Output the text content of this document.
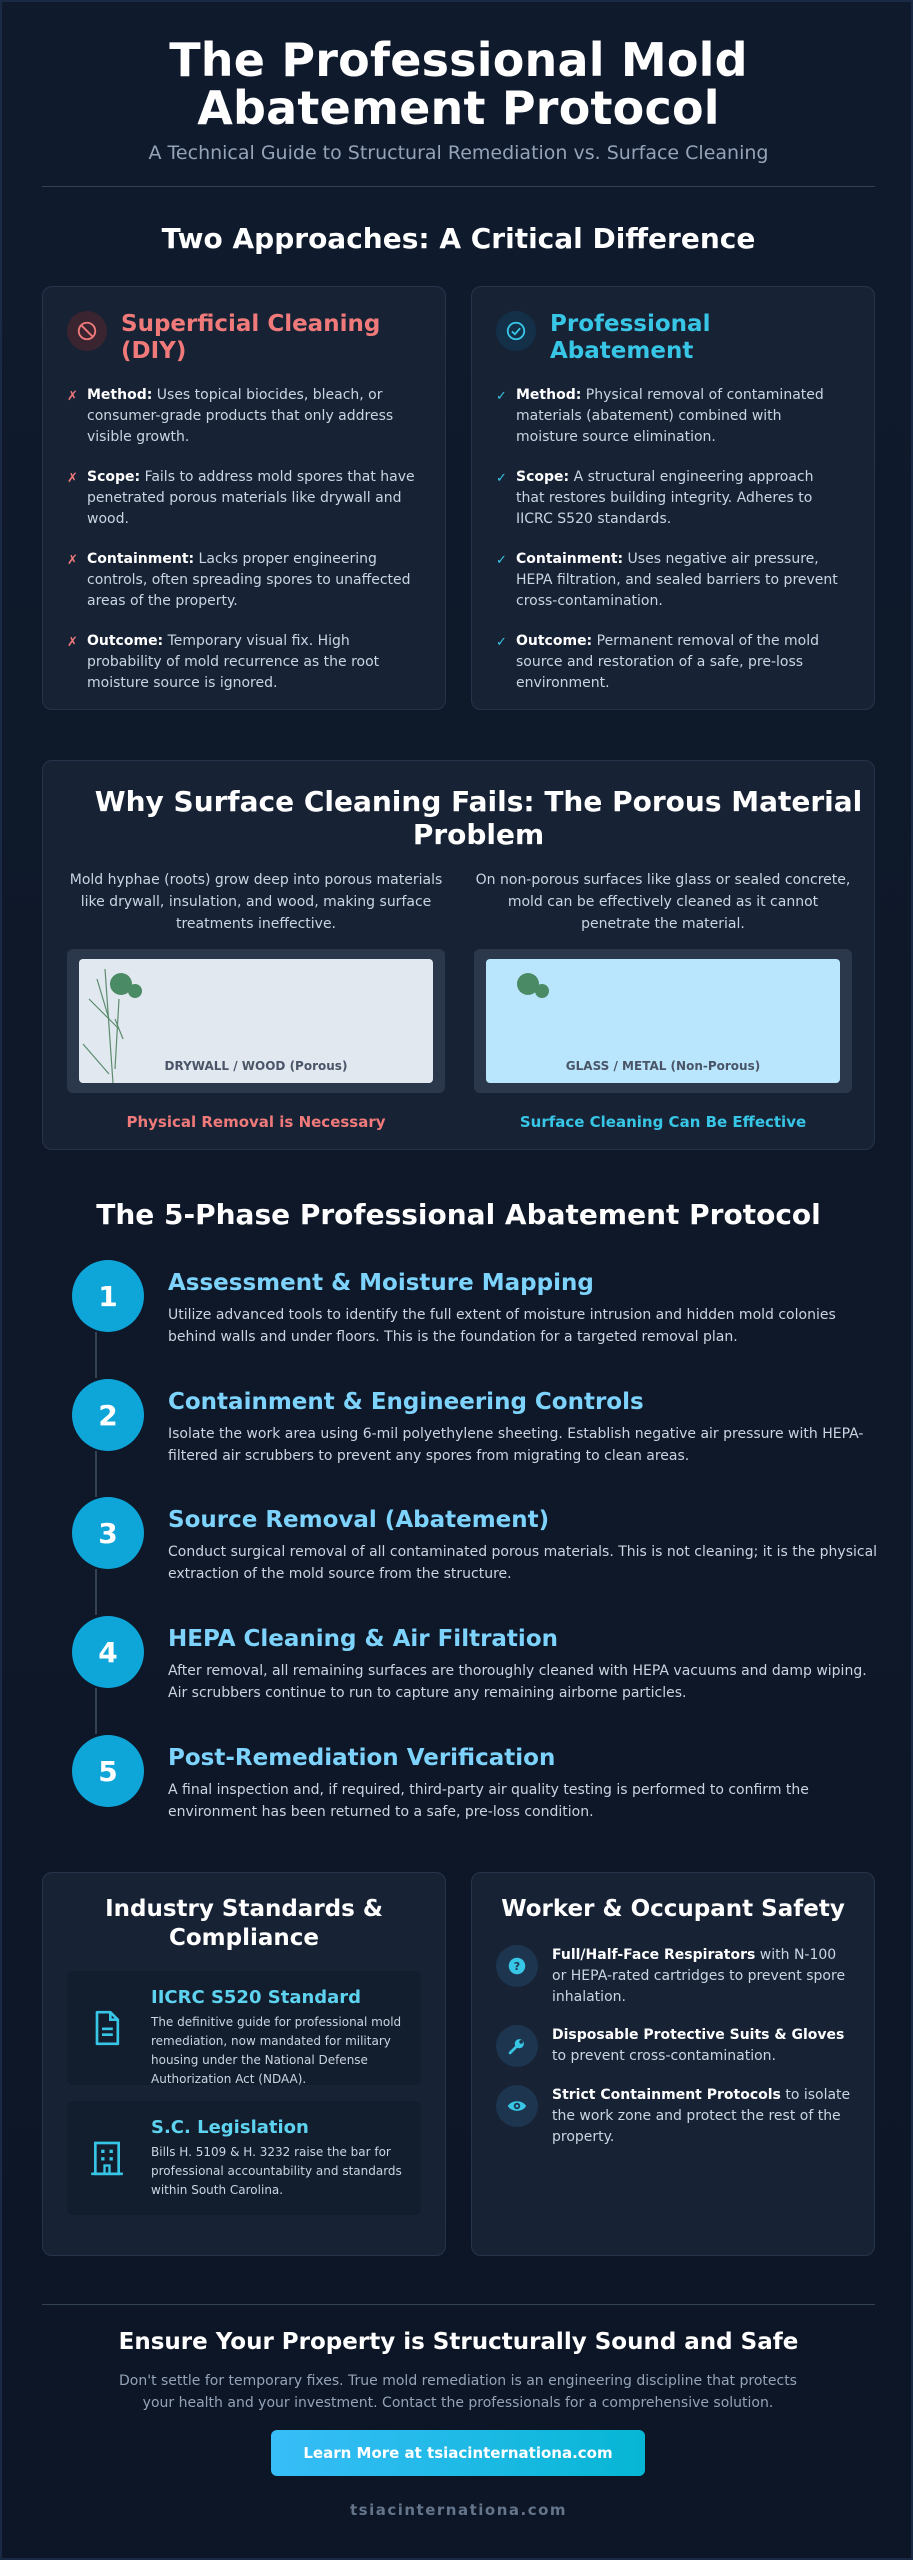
The Professional Mold
Abatement Protocol
A Technical Guide to Structural Remediation vs. Surface Cleaning
Two Approaches: A Critical Difference
Superficial Cleaning (DIY)
✗ Method: Uses topical biocides, bleach, or consumer-grade products that only address visible growth.
✗ Scope: Fails to address mold spores that have penetrated porous materials like drywall and wood.
✗ Containment: Lacks proper engineering controls, often spreading spores to unaffected areas of the property.
✗ Outcome: Temporary visual fix. High probability of mold recurrence as the root moisture source is ignored.
Professional Abatement
✓ Method: Physical removal of contaminated materials (abatement) combined with moisture source elimination.
✓ Scope: A structural engineering approach that restores building integrity. Adheres to IICRC S520 standards.
✓ Containment: Uses negative air pressure, HEPA filtration, and sealed barriers to prevent cross-contamination.
✓ Outcome: Permanent removal of the mold source and restoration of a safe, pre-loss environment.
Why Surface Cleaning Fails: The Porous Material Problem
Mold hyphae (roots) grow deep into porous materials like drywall, insulation, and wood, making surface treatments ineffective.
DRYWALL / WOOD (Porous)
Physical Removal is Necessary
On non-porous surfaces like glass or sealed concrete, mold can be effectively cleaned as it cannot penetrate the material.
GLASS / METAL (Non-Porous)
Surface Cleaning Can Be Effective
The 5-Phase Professional Abatement Protocol
1	Assessment & Moisture Mapping
Utilize advanced tools to identify the full extent of moisture intrusion and hidden mold colonies behind walls and under floors. This is the foundation for a targeted removal plan.
2	Containment & Engineering Controls
Isolate the work area using 6-mil polyethylene sheeting. Establish negative air pressure with HEPA-filtered air scrubbers to prevent any spores from migrating to clean areas.
3	Source Removal (Abatement)
Conduct surgical removal of all contaminated porous materials. This is not cleaning; it is the physical extraction of the mold source from the structure.
4	HEPA Cleaning & Air Filtration
After removal, all remaining surfaces are thoroughly cleaned with HEPA vacuums and damp wiping. Air scrubbers continue to run to capture any remaining airborne particles.
5	Post-Remediation Verification
A final inspection and, if required, third-party air quality testing is performed to confirm the environment has been returned to a safe, pre-loss condition.
Industry Standards & Compliance
IICRC S520 Standard
The definitive guide for professional mold remediation, now mandated for military housing under the National Defense Authorization Act (NDAA).
S.C. Legislation
Bills H. 5109 & H. 3232 raise the bar for professional accountability and standards within South Carolina.
Worker & Occupant Safety
?
Full/Half-Face Respirators with N-100 or HEPA-rated cartridges to prevent spore inhalation.
Disposable Protective Suits & Gloves to prevent cross-contamination.
Strict Containment Protocols to isolate the work zone and protect the rest of the property.
Ensure Your Property is Structurally Sound and Safe
Don't settle for temporary fixes. True mold remediation is an engineering discipline that protects your health and your investment. Contact the professionals for a comprehensive solution.
Learn More at tsiacinternationa.com
tsiacinternationa.com
